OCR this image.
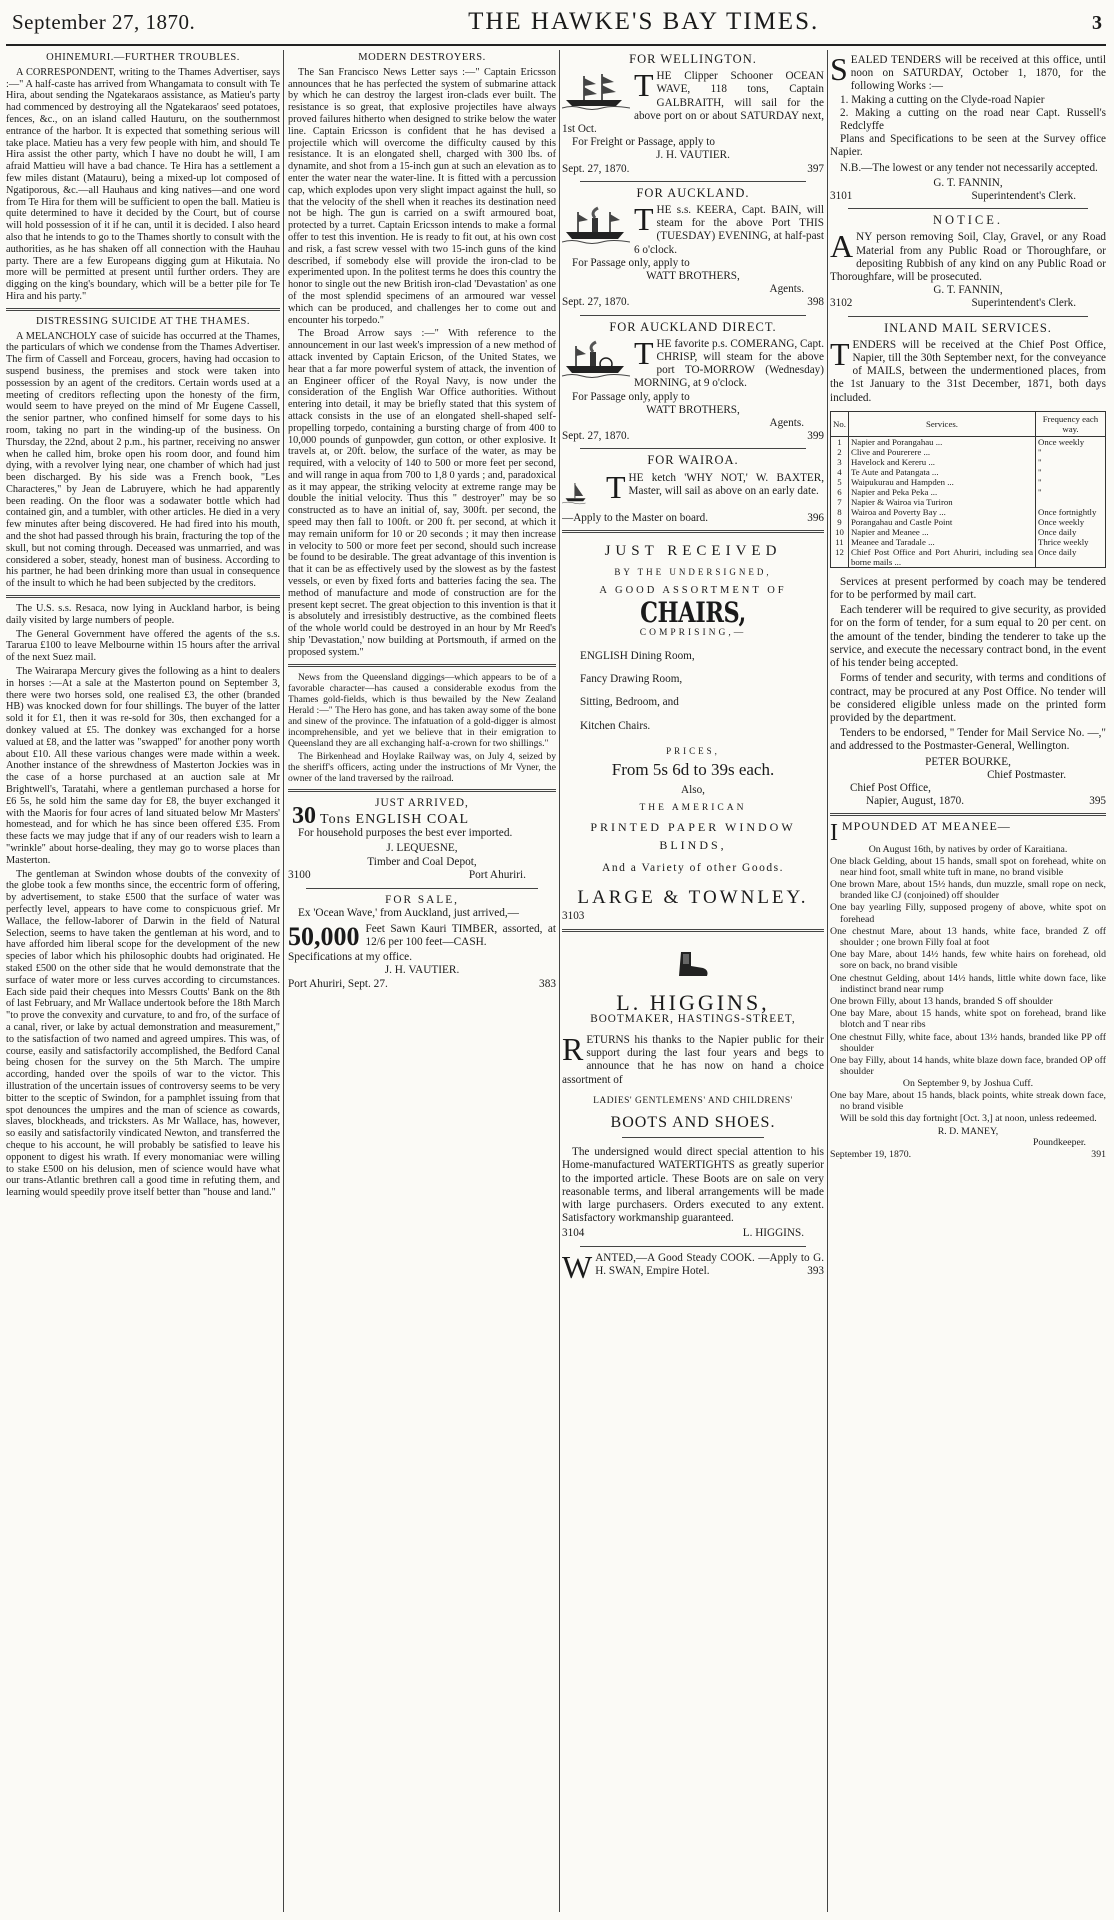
September 27, 1870.	THE HAWKE'S BAY TIMES.	3
OHINEMURI.—FURTHER TROUBLES.
A CORRESPONDENT, writing to the Thames Advertiser, says :—" A half-caste has arrived from Whangamata to consult with Te Hira, about sending the Ngatekaraos assistance, as Matieu's party had commenced by destroying all the Ngatekaraos' seed potatoes, fences, &c., on an island called Hauturu, on the southernmost entrance of the harbor. It is expected that something serious will take place. Matieu has a very few people with him, and should Te Hira assist the other party, which I have no doubt he will, I am afraid Mattieu will have a bad chance. Te Hira has a settlement a few miles distant (Matauru), being a mixed-up lot composed of Ngatiporous, &c.—all Hauhaus and king natives—and one word from Te Hira for them will be sufficient to open the ball. Matieu is quite determined to have it decided by the Court, but of course will hold possession of it if he can, until it is decided. I also heard also that he intends to go to the Thames shortly to consult with the authorities, as he has shaken off all connection with the Hauhau party. There are a few Europeans digging gum at Hikutaia. No more will be permitted at present until further orders. They are digging on the king's boundary, which will be a better pile for Te Hira and his party."
DISTRESSING SUICIDE AT THE THAMES.
A MELANCHOLY case of suicide has occurred at the Thames, the particulars of which we condense from the Thames Advertiser. The firm of Cassell and Forceau, grocers, having had occasion to suspend business, the premises and stock were taken into possession by an agent of the creditors. Certain words used at a meeting of creditors reflecting upon the honesty of the firm, would seem to have preyed on the mind of Mr Eugene Cassell, the senior partner, who confined himself for some days to his room, taking no part in the winding-up of the business. On Thursday, the 22nd, about 2 p.m., his partner, receiving no answer when he called him, broke open his room door, and found him dying, with a revolver lying near, one chamber of which had just been discharged. By his side was a French book, "Les Characteres," by Jean de Labruyere, which he had apparently been reading. On the floor was a sodawater bottle which had contained gin, and a tumbler, with other articles. He died in a very few minutes after being discovered. He had fired into his mouth, and the shot had passed through his brain, fracturing the top of the skull, but not coming through. Deceased was unmarried, and was considered a sober, steady, honest man of business. According to his partner, he had been drinking more than usual in consequence of the insult to which he had been subjected by the creditors.
The U.S. s.s. Resaca, now lying in Auckland harbor, is being daily visited by large numbers of people.
The General Government have offered the agents of the s.s. Tararua £100 to leave Melbourne within 15 hours after the arrival of the next Suez mail.
The Wairarapa Mercury gives the following as a hint to dealers in horses :—At a sale at the Masterton pound on September 3, there were two horses sold, one realised £3, the other (branded HB) was knocked down for four shillings. The buyer of the latter sold it for £1, then it was re-sold for 30s, then exchanged for a donkey valued at £5. The donkey was exchanged for a horse valued at £8, and the latter was "swapped" for another pony worth about £10. All these various changes were made within a week. Another instance of the shrewdness of Masterton Jockies was in the case of a horse purchased at an auction sale at Mr Brightwell's, Taratahi, where a gentleman purchased a horse for £6 5s, he sold him the same day for £8, the buyer exchanged it with the Maoris for four acres of land situated below Mr Masters' homestead, and for which he has since been offered £35. From these facts we may judge that if any of our readers wish to learn a "wrinkle" about horse-dealing, they may go to worse places than Masterton.
The gentleman at Swindon whose doubts of the convexity of the globe took a few months since, the eccentric form of offering, by advertisement, to stake £500 that the surface of water was perfectly level, appears to have come to conspicuous grief. Mr Wallace, the fellow-laborer of Darwin in the field of Natural Selection, seems to have taken the gentleman at his word, and to have afforded him liberal scope for the development of the new species of labor which his philosophic doubts had originated. He staked £500 on the other side that he would demonstrate that the surface of water more or less curves according to circumstances. Each side paid their cheques into Messrs Coutts' Bank on the 8th of last February, and Mr Wallace undertook before the 18th March "to prove the convexity and curvature, to and fro, of the surface of a canal, river, or lake by actual demonstration and measurement," to the satisfaction of two named and agreed umpires. This was, of course, easily and satisfactorily accomplished, the Bedford Canal being chosen for the survey on the 5th March. The umpire according, handed over the spoils of war to the victor. This illustration of the uncertain issues of controversy seems to be very bitter to the sceptic of Swindon, for a pamphlet issuing from that spot denounces the umpires and the man of science as cowards, slaves, blockheads, and tricksters. As Mr Wallace, has, however, so easily and satisfactorily vindicated Newton, and transferred the cheque to his account, he will probably be satisfied to leave his opponent to digest his wrath. If every monomaniac were willing to stake £500 on his delusion, men of science would have what our trans-Atlantic brethren call a good time in refuting them, and learning would speedily prove itself better than "house and land."
MODERN DESTROYERS.
The San Francisco News Letter says :—" Captain Ericsson announces that he has perfected the system of submarine attack by which he can destroy the largest iron-clads ever built. The resistance is so great, that explosive projectiles have always proved failures hitherto when designed to strike below the water line. Captain Ericsson is confident that he has devised a projectile which will overcome the difficulty caused by this resistance. It is an elongated shell, charged with 300 lbs. of dynamite, and shot from a 15-inch gun at such an elevation as to enter the water near the water-line. It is fitted with a percussion cap, which explodes upon very slight impact against the hull, so that the velocity of the shell when it reaches its destination need not be high. The gun is carried on a swift armoured boat, protected by a turret. Captain Ericsson intends to make a formal offer to test this invention. He is ready to fit out, at his own cost and risk, a fast screw vessel with two 15-inch guns of the kind described, if somebody else will provide the iron-clad to be experimented upon. In the politest terms he does this country the honor to single out the new British iron-clad 'Devastation' as one of the most splendid specimens of an armoured war vessel which can be produced, and challenges her to come out and encounter his torpedo."
The Broad Arrow says :—" With reference to the announcement in our last week's impression of a new method of attack invented by Captain Ericson, of the United States, we hear that a far more powerful system of attack, the invention of an Engineer officer of the Royal Navy, is now under the consideration of the English War Office authorities. Without entering into detail, it may be briefly stated that this system of attack consists in the use of an elongated shell-shaped self-propelling torpedo, containing a bursting charge of from 400 to 10,000 pounds of gunpowder, gun cotton, or other explosive. It travels at, or 20ft. below, the surface of the water, as may be required, with a velocity of 140 to 500 or more feet per second, and will range in aqua from 700 to 1,8 0 yards ; and, paradoxical as it may appear, the striking velocity at extreme range may be double the initial velocity. Thus this " destroyer" may be so constructed as to have an initial of, say, 300ft. per second, the speed may then fall to 100ft. or 200 ft. per second, at which it may remain uniform for 10 or 20 seconds ; it may then increase in velocity to 500 or more feet per second, should such increase be found to be desirable. The great advantage of this invention is that it can be as effectively used by the slowest as by the fastest vessels, or even by fixed forts and batteries facing the sea. The method of manufacture and mode of construction are for the present kept secret. The great objection to this invention is that it is absolutely and irresistibly destructive, as the combined fleets of the whole world could be destroyed in an hour by Mr Reed's ship 'Devastation,' now building at Portsmouth, if armed on the proposed system."
News from the Queensland diggings—which appears to be of a favorable character—has caused a considerable exodus from the Thames gold-fields, which is thus bewailed by the New Zealand Herald :—" The Hero has gone, and has taken away some of the bone and sinew of the province. The infatuation of a gold-digger is almost incomprehensible, and yet we believe that in their emigration to Queensland they are all exchanging half-a-crown for two shillings."
The Birkenhead and Hoylake Railway was, on July 4, seized by the sheriff's officers, acting under the instructions of Mr Vyner, the owner of the land traversed by the railroad.
JUST ARRIVED,
30 Tons ENGLISH COAL
For household purposes the best ever imported.
J. LEQUESNE,
Timber and Coal Depot,
3100	Port Ahuriri.
FOR SALE,
Ex 'Ocean Wave,' from Auckland, just arrived,—
50,000 Feet Sawn Kauri TIMBER, assorted, at 12/6 per 100 feet—CASH.
Specifications at my office.
J. H. VAUTIER.
Port Ahuriri, Sept. 27.	383
FOR WELLINGTON.
T HE Clipper Schooner OCEAN WAVE, 118 tons, Captain GALBRAITH, will sail for the above port on or about SATURDAY next, 1st Oct.
For Freight or Passage, apply to
J. H. VAUTIER.
Sept. 27, 1870.	397
FOR AUCKLAND.
T HE s.s. KEERA, Capt. BAIN, will steam for the above Port THIS (TUESDAY) EVENING, at half-past 6 o'clock.
For Passage only, apply to
WATT BROTHERS,
Agents.
Sept. 27, 1870.	398
FOR AUCKLAND DIRECT.
T HE favorite p.s. COMERANG, Capt. CHRISP, will steam for the above port TO-MORROW (Wednesday) MORNING, at 9 o'clock.
For Passage only, apply to
WATT BROTHERS,
Agents.
Sept. 27, 1870.	399
FOR WAIROA.
T HE ketch 'WHY NOT,' W. BAXTER, Master, will sail as above on an early date.
—Apply to the Master on board.	396
JUST RECEIVED
BY THE UNDERSIGNED,
A GOOD ASSORTMENT OF
CHAIRS,
COMPRISING,—
ENGLISH Dining Room,
Fancy Drawing Room,
Sitting, Bedroom, and
Kitchen Chairs.
PRICES,
From 5s 6d to 39s each.
Also,
THE AMERICAN
PRINTED PAPER WINDOW
BLINDS,
And a Variety of other Goods.
LARGE & TOWNLEY.
3103
L. HIGGINS,
BOOTMAKER, HASTINGS-STREET,
R ETURNS his thanks to the Napier public for their support during the last four years and begs to announce that he has now on hand a choice assortment of
LADIES' GENTLEMENS' AND CHILDRENS'
BOOTS AND SHOES.
The undersigned would direct special attention to his Home-manufactured WATERTIGHTS as greatly superior to the imported article. These Boots are on sale on very reasonable terms, and liberal arrangements will be made with large purchasers. Orders executed to any extent. Satisfactory workmanship guaranteed.
3104	L. HIGGINS.
W ANTED,—A Good Steady COOK. —Apply to G. H. SWAN, Empire Hotel.	393
S EALED TENDERS will be received at this office, until noon on SATURDAY, October 1, 1870, for the following Works :—
1. Making a cutting on the Clyde-road Napier
2. Making a cutting on the road near Capt. Russell's Redclyffe
Plans and Specifications to be seen at the Survey office Napier.
N.B.—The lowest or any tender not necessarily accepted.
G. T. FANNIN,
3101	Superintendent's Clerk.
NOTICE.
A NY person removing Soil, Clay, Gravel, or any Road Material from any Public Road or Thoroughfare, or depositing Rubbish of any kind on any Public Road or Thoroughfare, will be prosecuted.
G. T. FANNIN,
3102	Superintendent's Clerk.
INLAND MAIL SERVICES.
T ENDERS will be received at the Chief Post Office, Napier, till the 30th September next, for the conveyance of MAILS, between the undermentioned places, from the 1st January to the 31st December, 1871, both days included.
No.	Services.	Frequency each way.
1	Napier and Porangahau ...	Once weekly
2	Clive and Pourerere ...	"
3	Havelock and Kereru ...	"
4	Te Aute and Patangata ...	"
5	Waipukurau and Hampden ...	"
6	Napier and Peka Peka ...	"
7	Napier & Wairoa via Turiron	
8	Wairoa and Poverty Bay ...	Once fortnightly
9	Porangahau and Castle Point	Once weekly
10	Napier and Meanee ...	Once daily
11	Meanee and Taradale ...	Thrice weekly
12	Chief Post Office and Port Ahuriri, including sea borne mails ...	Once daily
Services at present performed by coach may be tendered for to be performed by mail cart.
Each tenderer will be required to give security, as provided for on the form of tender, for a sum equal to 20 per cent. on the amount of the tender, binding the tenderer to take up the service, and execute the necessary contract bond, in the event of his tender being accepted.
Forms of tender and security, with terms and conditions of contract, may be procured at any Post Office. No tender will be considered eligible unless made on the printed form provided by the department.
Tenders to be endorsed, " Tender for Mail Service No. —," and addressed to the Postmaster-General, Wellington.
PETER BOURKE,
Chief Postmaster.
Chief Post Office,
Napier, August, 1870.	395
I MPOUNDED AT MEANEE—
On August 16th, by natives by order of Karaitiana.
One black Gelding, about 15 hands, small spot on forehead, white on near hind foot, small white tuft in mane, no brand visible
One brown Mare, about 15½ hands, dun muzzle, small rope on neck, branded like CJ (conjoined) off shoulder
One bay yearling Filly, supposed progeny of above, white spot on forehead
One chestnut Mare, about 13 hands, white face, branded Z off shoulder ; one brown Filly foal at foot
One bay Mare, about 14½ hands, few white hairs on forehead, old sore on back, no brand visible
One chestnut Gelding, about 14½ hands, little white down face, like indistinct brand near rump
One brown Filly, about 13 hands, branded S off shoulder
One bay Mare, about 15 hands, white spot on forehead, brand like blotch and T near ribs
One chestnut Filly, white face, about 13½ hands, branded like PP off shoulder
One bay Filly, about 14 hands, white blaze down face, branded OP off shoulder
On September 9, by Joshua Cuff.
One bay Mare, about 15 hands, black points, white streak down face, no brand visible
Will be sold this day fortnight [Oct. 3,] at noon, unless redeemed.
R. D. MANEY,
Poundkeeper.
September 19, 1870.	391
